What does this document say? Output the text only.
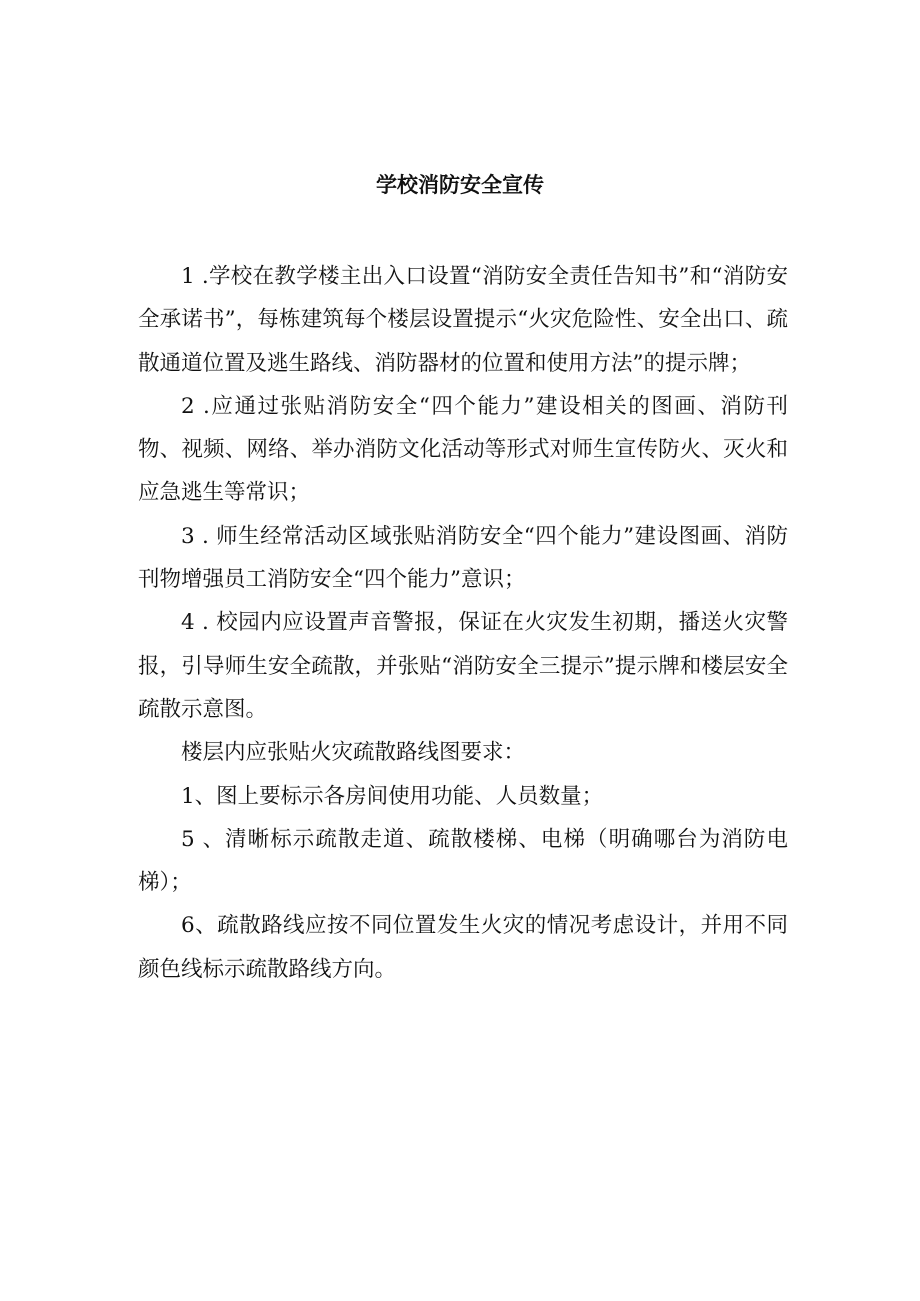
学校消防安全宣传

1 .学校在教学楼主出入口设置“消防安全责任告知书”和“消防安全承诺书”，每栋建筑每个楼层设置提示“火灾危险性、安全出口、疏散通道位置及逃生路线、消防器材的位置和使用方法”的提示牌；

2 .应通过张贴消防安全“四个能力”建设相关的图画、消防刊物、视频、网络、举办消防文化活动等形式对师生宣传防火、灭火和应急逃生等常识；

3 . 师生经常活动区域张贴消防安全“四个能力”建设图画、消防刊物增强员工消防安全“四个能力”意识；

4 . 校园内应设置声音警报，保证在火灾发生初期，播送火灾警报，引导师生安全疏散，并张贴“消防安全三提示”提示牌和楼层安全疏散示意图。

楼层内应张贴火灾疏散路线图要求：

1、图上要标示各房间使用功能、人员数量；

5 、清晰标示疏散走道、疏散楼梯、电梯（明确哪台为消防电梯）；

6、疏散路线应按不同位置发生火灾的情况考虑设计，并用不同颜色线标示疏散路线方向。
